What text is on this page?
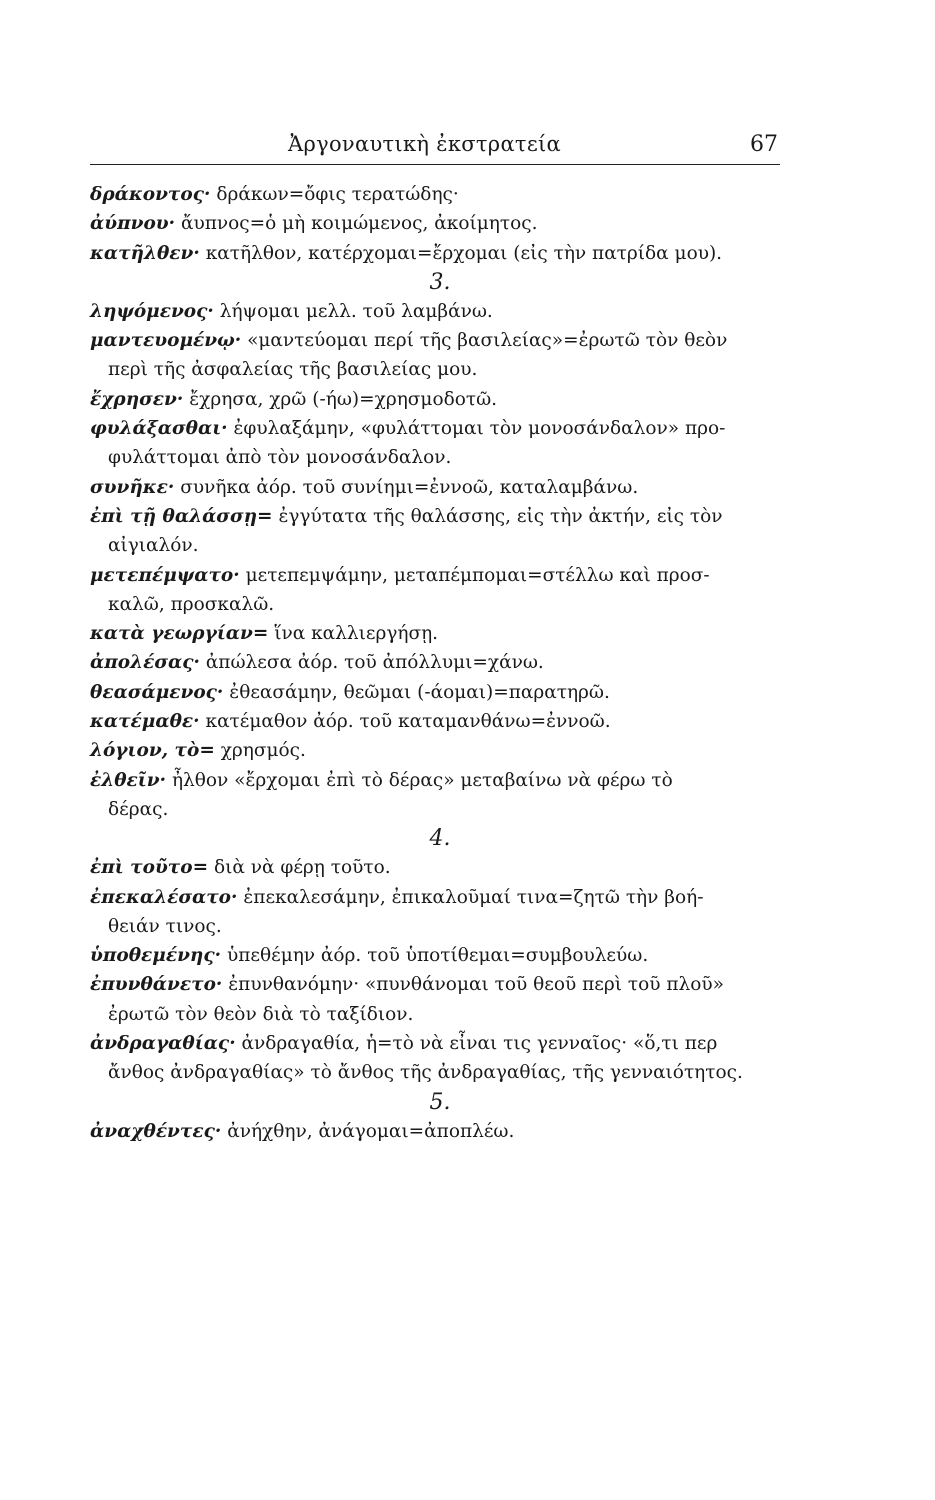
Ἀργοναυτικὴ ἐκστρατεία	67
δράκοντος· δράκων=ὄφις τερατώδης·
ἀύπνου· ἄυπνος=ὁ μὴ κοιμώμενος, ἀκοίμητος.
κατῆλθεν· κατῆλθον, κατέρχομαι=ἔρχομαι (εἰς τὴν πατρίδα μου).
3.
ληψόμενος· λήψομαι μελλ. τοῦ λαμβάνω.
μαντευομένῳ· «μαντεύομαι περί τῆς βασιλείας»=ἐρωτῶ τὸν θεὸν
περὶ τῆς ἀσφαλείας τῆς βασιλείας μου.
ἔχρησεν· ἔχρησα, χρῶ (-ήω)=χρησμοδοτῶ.
φυλάξασθαι· ἐφυλαξάμην, «φυλάττομαι τὸν μονοσάνδαλον» προ-
φυλάττομαι ἀπὸ τὸν μονοσάνδαλον.
συνῆκε· συνῆκα ἀόρ. τοῦ συνίημι=ἐννοῶ, καταλαμβάνω.
ἐπὶ τῇ θαλάσσῃ= ἐγγύτατα τῆς θαλάσσης, εἰς τὴν ἀκτήν, εἰς τὸν
αἰγιαλόν.
μετεπέμψατο· μετεπεμψάμην, μεταπέμπομαι=στέλλω καὶ προσ-
καλῶ, προσκαλῶ.
κατὰ γεωργίαν= ἵνα καλλιεργήσῃ.
ἀπολέσας· ἀπώλεσα ἀόρ. τοῦ ἀπόλλυμι=χάνω.
θεασάμενος· ἐθεασάμην, θεῶμαι (-άομαι)=παρατηρῶ.
κατέμαθε· κατέμαθον ἀόρ. τοῦ καταμανθάνω=ἐννοῶ.
λόγιον, τὸ= χρησμός.
ἐλθεῖν· ἦλθον «ἔρχομαι ἐπὶ τὸ δέρας» μεταβαίνω νὰ φέρω τὸ
δέρας.
4.
ἐπὶ τοῦτο= διὰ νὰ φέρῃ τοῦτο.
ἐπεκαλέσατο· ἐπεκαλεσάμην, ἐπικαλοῦμαί τινα=ζητῶ τὴν βοή-
θειάν τινος.
ὑποθεμένης· ὑπεθέμην ἀόρ. τοῦ ὑποτίθεμαι=συμβουλεύω.
ἐπυνθάνετο· ἐπυνθανόμην· «πυνθάνομαι τοῦ θεοῦ περὶ τοῦ πλοῦ»
ἐρωτῶ τὸν θεὸν διὰ τὸ ταξίδιον.
ἀνδραγαθίας· ἀνδραγαθία, ἡ=τὸ νὰ εἶναι τις γενναῖος· «ὅ,τι περ
ἄνθος ἀνδραγαθίας» τὸ ἄνθος τῆς ἀνδραγαθίας, τῆς γενναιότητος.
5.
ἀναχθέντες· ἀνήχθην, ἀνάγομαι=ἀποπλέω.
